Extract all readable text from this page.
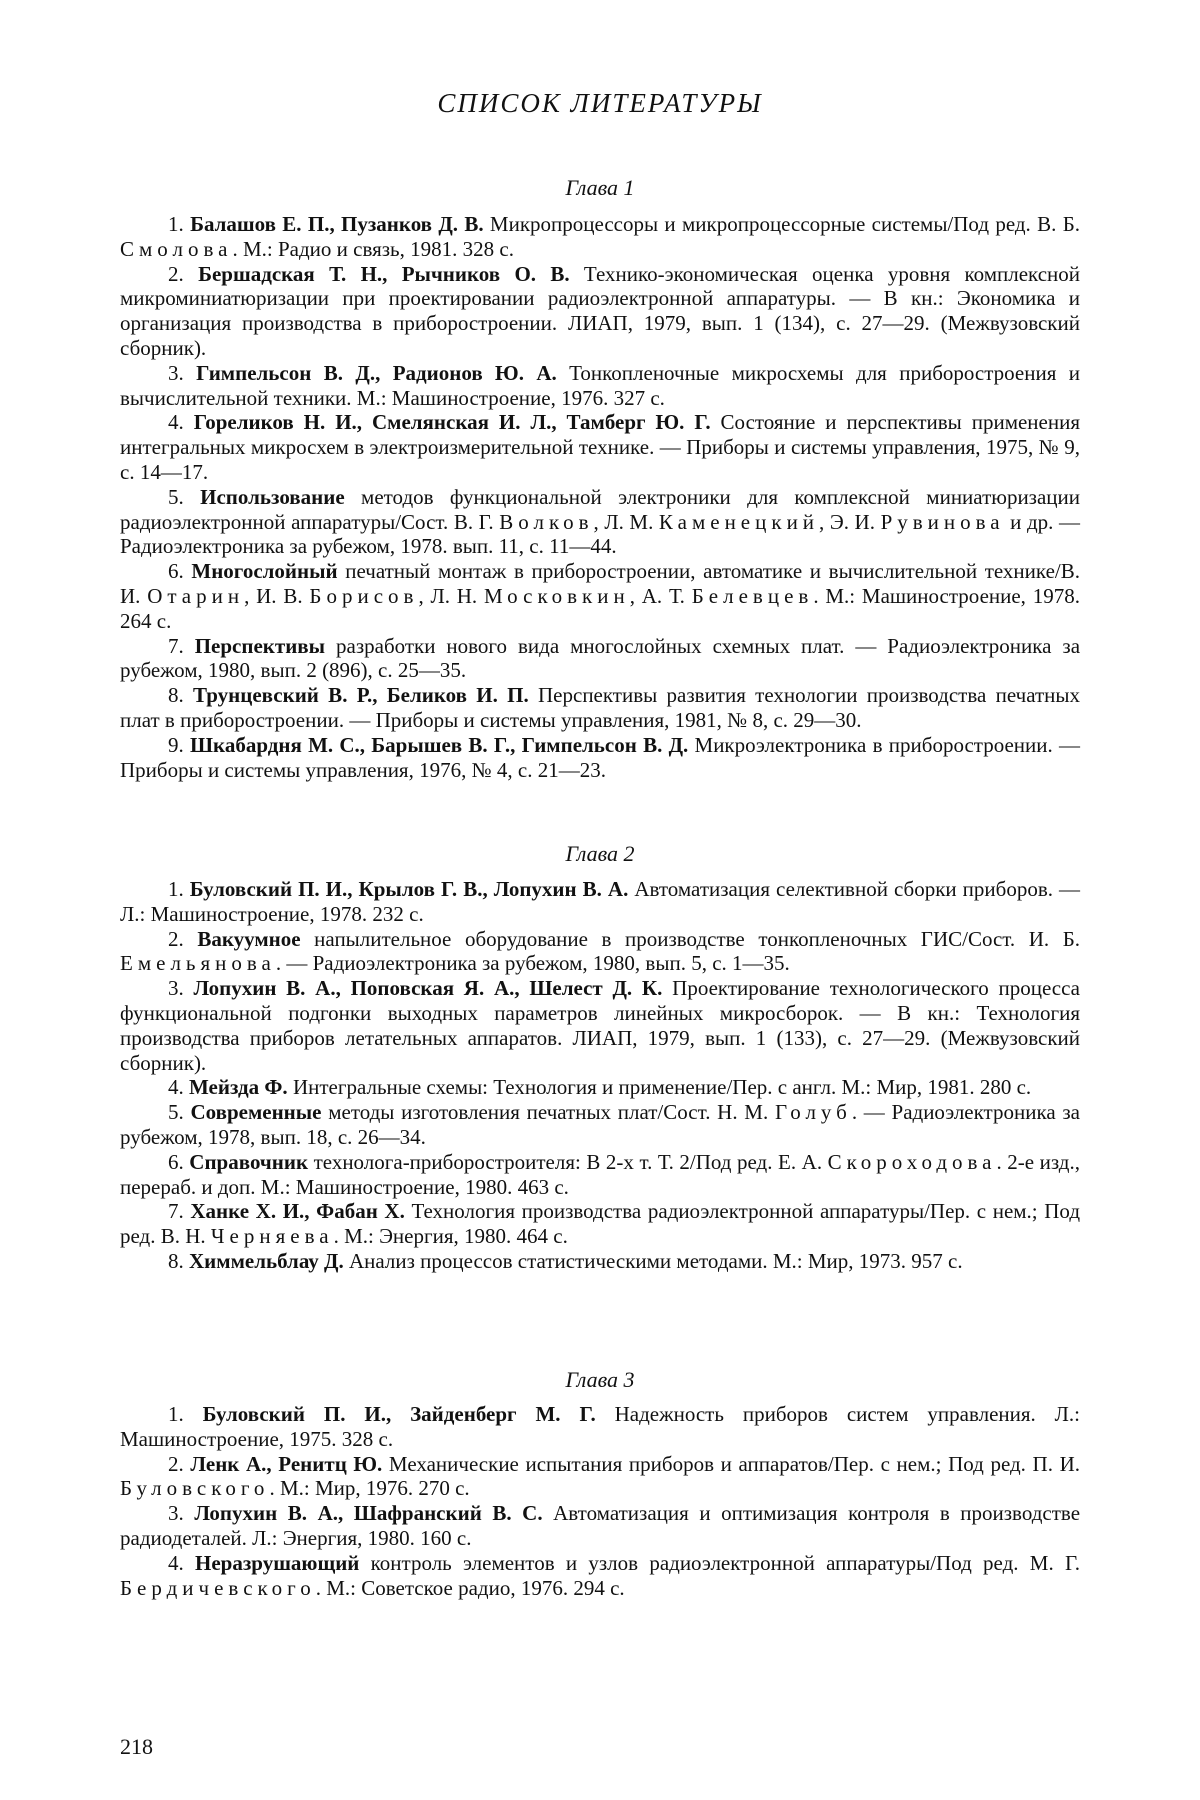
СПИСОК ЛИТЕРАТУРЫ
Глава 1

1. Балашов Е. П., Пузанков Д. В. Микропроцессоры и микропроцессорные системы/Под ред. В. Б. Смолова. М.: Радио и связь, 1981. 328 с.

2. Бершадская Т. Н., Рычников О. В. Технико-экономическая оценка уровня комплексной микроминиатюризации при проектировании радиоэлектронной аппаратуры. — В кн.: Экономика и организация производства в приборостроении. ЛИАП, 1979, вып. 1 (134), с. 27—29. (Межвузовский сборник).

3. Гимпельсон В. Д., Радионов Ю. А. Тонкопленочные микросхемы для приборостроения и вычислительной техники. М.: Машиностроение, 1976. 327 с.

4. Гореликов Н. И., Смелянская И. Л., Тамберг Ю. Г. Состояние и перспективы применения интегральных микросхем в электроизмерительной технике. — Приборы и системы управления, 1975, № 9, с. 14—17.

5. Использование методов функциональной электроники для комплексной миниатюризации радиоэлектронной аппаратуры/Сост. В. Г. Волков, Л. М. Каменецкий, Э. И. Рувинова и др. — Радиоэлектроника за рубежом, 1978. вып. 11, с. 11—44.

6. Многослойный печатный монтаж в приборостроении, автоматике и вычислительной технике/В. И. Отарин, И. В. Борисов, Л. Н. Московкин, А. Т. Белевцев. М.: Машиностроение, 1978. 264 с.

7. Перспективы разработки нового вида многослойных схемных плат. — Радиоэлектроника за рубежом, 1980, вып. 2 (896), с. 25—35.

8. Трунцевский В. Р., Беликов И. П. Перспективы развития технологии производства печатных плат в приборостроении. — Приборы и системы управления, 1981, № 8, с. 29—30.

9. Шкабардня М. С., Барышев В. Г., Гимпельсон В. Д. Микроэлектроника в приборостроении. — Приборы и системы управления, 1976, № 4, с. 21—23.

Глава 2

1. Буловский П. И., Крылов Г. В., Лопухин В. А. Автоматизация селективной сборки приборов. — Л.: Машиностроение, 1978. 232 с.

2. Вакуумное напылительное оборудование в производстве тонкопленочных ГИС/Сост. И. Б. Емельянова. — Радиоэлектроника за рубежом, 1980, вып. 5, с. 1—35.

3. Лопухин В. А., Поповская Я. А., Шелест Д. К. Проектирование технологического процесса функциональной подгонки выходных параметров линейных микросборок. — В кн.: Технология производства приборов летательных аппаратов. ЛИАП, 1979, вып. 1 (133), с. 27—29. (Межвузовский сборник).

4. Мейзда Ф. Интегральные схемы: Технология и применение/Пер. с англ. М.: Мир, 1981. 280 с.

5. Современные методы изготовления печатных плат/Сост. Н. М. Голуб. — Радиоэлектроника за рубежом, 1978, вып. 18, с. 26—34.

6. Справочник технолога-приборостроителя: В 2-х т. Т. 2/Под ред. Е. А. Скороходова. 2-е изд., перераб. и доп. М.: Машиностроение, 1980. 463 с.

7. Ханке Х. И., Фабан Х. Технология производства радиоэлектронной аппаратуры/Пер. с нем.; Под ред. В. Н. Черняева. М.: Энергия, 1980. 464 с.

8. Химмельблау Д. Анализ процессов статистическими методами. М.: Мир, 1973. 957 с.

Глава 3

1. Буловский П. И., Зайденберг М. Г. Надежность приборов систем управления. Л.: Машиностроение, 1975. 328 с.

2. Ленк А., Ренитц Ю. Механические испытания приборов и аппаратов/Пер. с нем.; Под ред. П. И. Буловского. М.: Мир, 1976. 270 с.

3. Лопухин В. А., Шафранский В. С. Автоматизация и оптимизация контроля в производстве радиодеталей. Л.: Энергия, 1980. 160 с.

4. Неразрушающий контроль элементов и узлов радиоэлектронной аппаратуры/Под ред. М. Г. Бердичевского. М.: Советское радио, 1976. 294 с.

218
